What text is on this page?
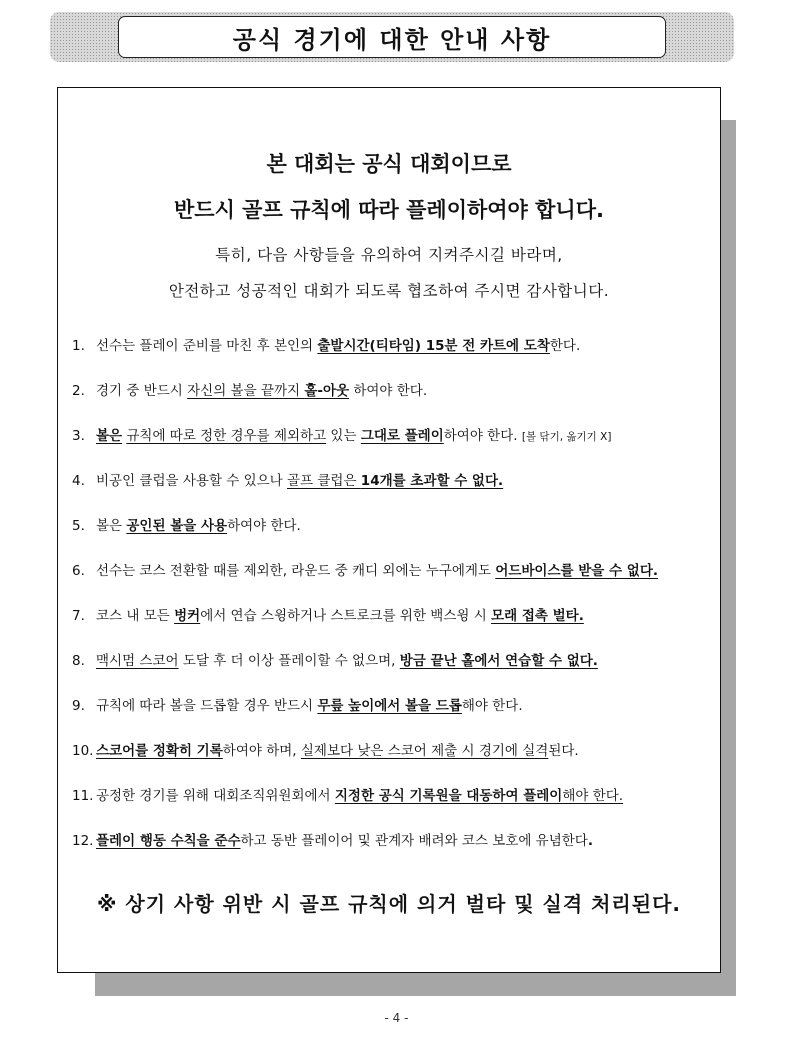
공식 경기에 대한 안내 사항
본 대회는 공식 대회이므로
반드시 골프 규칙에 따라 플레이하여야 합니다.
특히, 다음 사항들을 유의하여 지켜주시길 바라며,
안전하고 성공적인 대회가 되도록 협조하여 주시면 감사합니다.
1.선수는 플레이 준비를 마친 후 본인의 출발시간(티타임) 15분 전 카트에 도착한다.
2.경기 중 반드시 자신의 볼을 끝까지 홀-아웃 하여야 한다.
3.볼은 규칙에 따로 정한 경우를 제외하고 있는 그대로 플레이하여야 한다. [볼 닦기, 옮기기 X]
4.비공인 클럽을 사용할 수 있으나 골프 클럽은 14개를 초과할 수 없다.
5.볼은 공인된 볼을 사용하여야 한다.
6.선수는 코스 전환할 때를 제외한, 라운드 중 캐디 외에는 누구에게도 어드바이스를 받을 수 없다.
7.코스 내 모든 벙커에서 연습 스윙하거나 스트로크를 위한 백스윙 시 모래 접촉 벌타.
8.맥시멈 스코어 도달 후 더 이상 플레이할 수 없으며, 방금 끝난 홀에서 연습할 수 없다.
9.규칙에 따라 볼을 드롭할 경우 반드시 무릎 높이에서 볼을 드롭해야 한다.
10.스코어를 정확히 기록하여야 하며, 실제보다 낮은 스코어 제출 시 경기에 실격된다.
11.공정한 경기를 위해 대회조직위원회에서 지정한 공식 기록원을 대동하여 플레이해야 한다.
12.플레이 행동 수칙을 준수하고 동반 플레이어 및 관계자 배려와 코스 보호에 유념한다.
※ 상기 사항 위반 시 골프 규칙에 의거 벌타 및 실격 처리된다.
- 4 -
